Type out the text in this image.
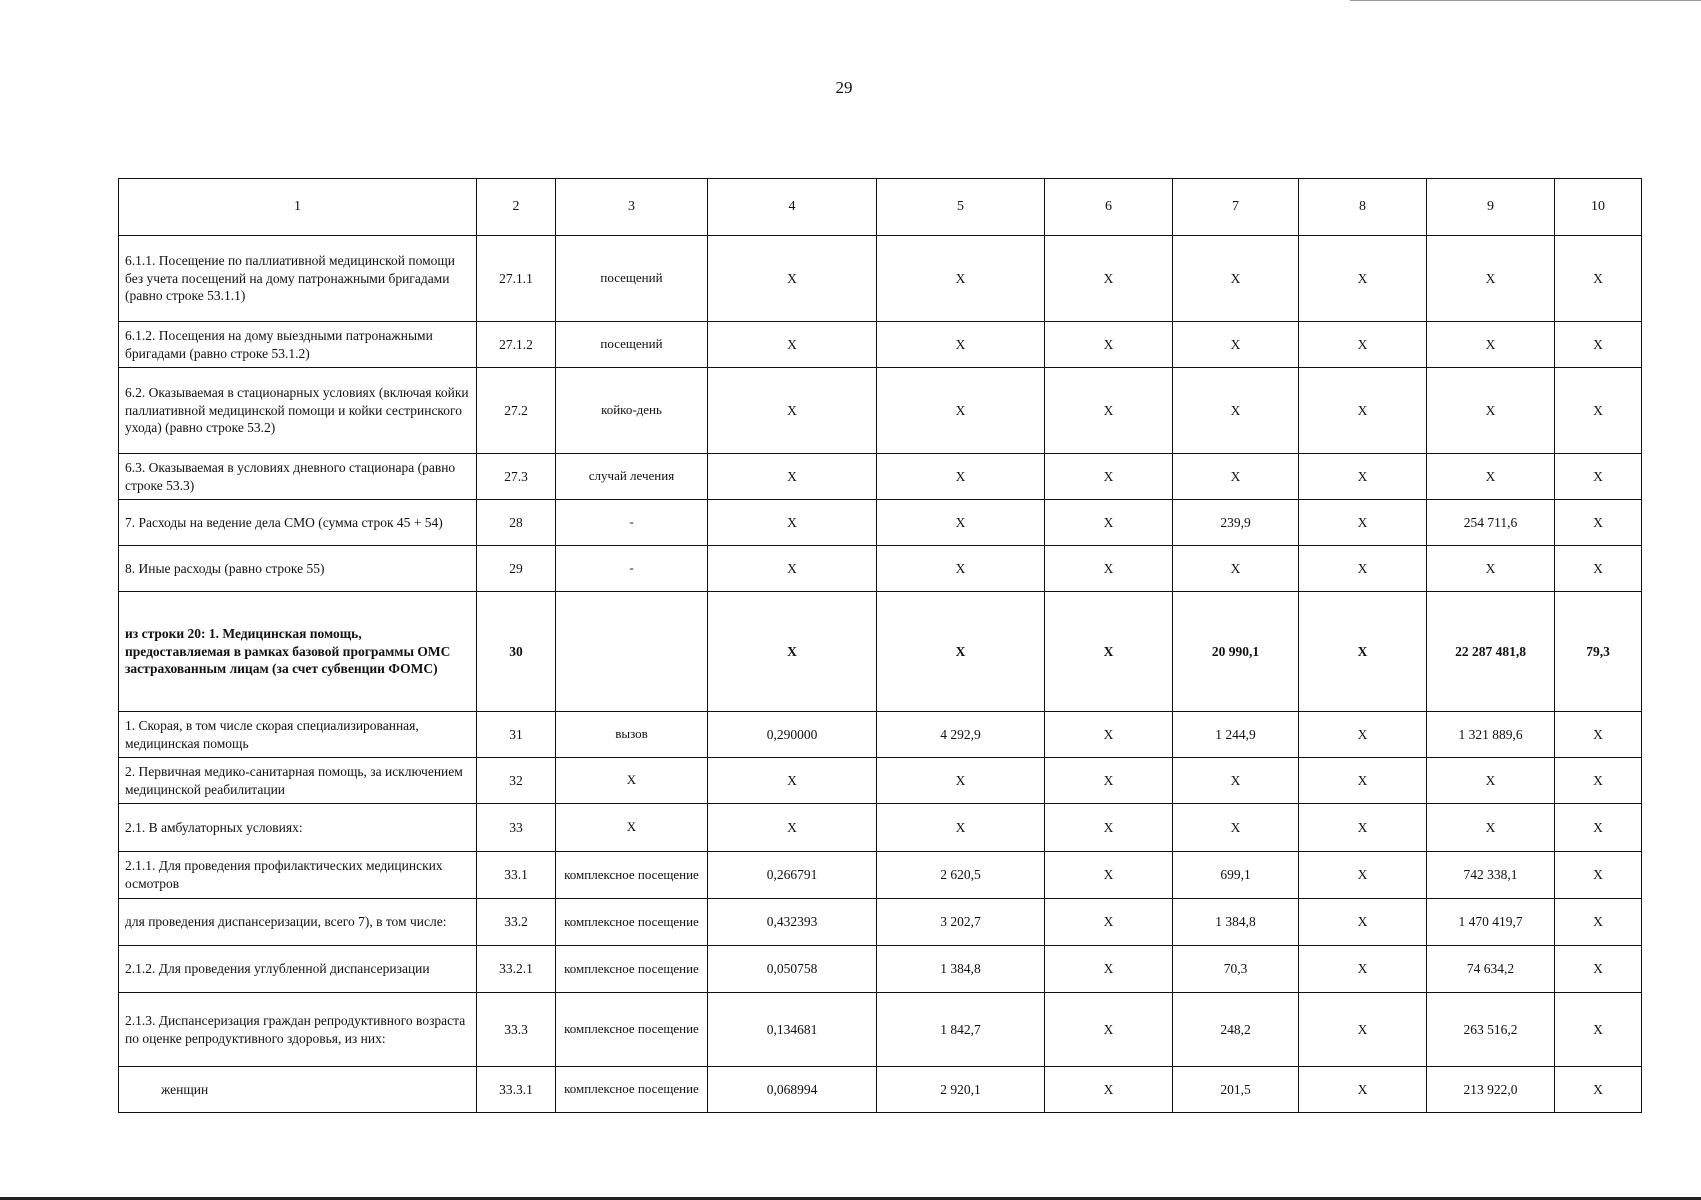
29
1	2	3	4	5	6	7	8	9	10
6.1.1. Посещение по паллиативной медицинской помощи без учета посещений на дому патронажными бригадами (равно строке 53.1.1)	27.1.1	посещений	X	X	X	X	X	X	X
6.1.2. Посещения на дому выездными патронажными бригадами (равно строке 53.1.2)	27.1.2	посещений	X	X	X	X	X	X	X
6.2. Оказываемая в стационарных условиях (включая койки паллиативной медицинской помощи и койки сестринского ухода) (равно строке 53.2)	27.2	койко-день	X	X	X	X	X	X	X
6.3. Оказываемая в условиях дневного стационара (равно строке 53.3)	27.3	случай лечения	X	X	X	X	X	X	X
7. Расходы на ведение дела СМО (сумма строк 45 + 54)	28	-	X	X	X	239,9	X	254 711,6	X
8. Иные расходы (равно строке 55)	29	-	X	X	X	X	X	X	X
из строки 20: 1. Медицинская помощь, предоставляемая в рамках базовой программы ОМС застрахованным лицам (за счет субвенции ФОМС)	30		X	X	X	20 990,1	X	22 287 481,8	79,3
1. Скорая, в том числе скорая специализированная, медицинская помощь	31	вызов	0,290000	4 292,9	X	1 244,9	X	1 321 889,6	X
2. Первичная медико-санитарная помощь, за исключением медицинской реабилитации	32	X	X	X	X	X	X	X	X
2.1. В амбулаторных условиях:	33	X	X	X	X	X	X	X	X
2.1.1. Для проведения профилактических медицинских осмотров	33.1	комплексное посещение	0,266791	2 620,5	X	699,1	X	742 338,1	X
для проведения диспансеризации, всего 7), в том числе:	33.2	комплексное посещение	0,432393	3 202,7	X	1 384,8	X	1 470 419,7	X
2.1.2. Для проведения углубленной диспансеризации	33.2.1	комплексное посещение	0,050758	1 384,8	X	70,3	X	74 634,2	X
2.1.3. Диспансеризация граждан репродуктивного возраста по оценке репродуктивного здоровья, из них:	33.3	комплексное посещение	0,134681	1 842,7	X	248,2	X	263 516,2	X
женщин	33.3.1	комплексное посещение	0,068994	2 920,1	X	201,5	X	213 922,0	X
